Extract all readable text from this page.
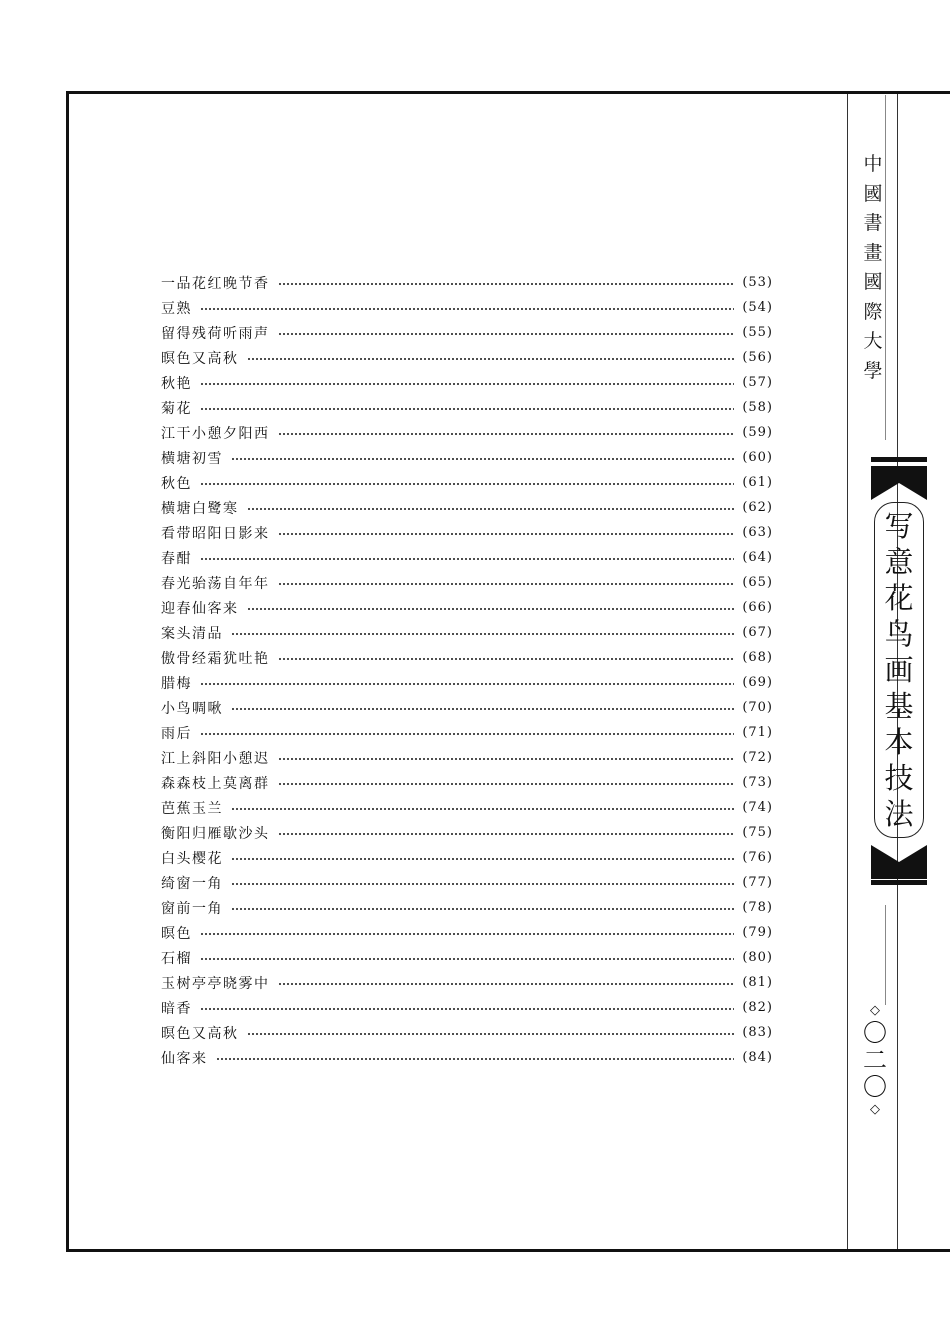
一品花红晚节香	(53)
豆熟	(54)
留得残荷听雨声	(55)
暝色又高秋	(56)
秋艳	(57)
菊花	(58)
江干小憩夕阳西	(59)
横塘初雪	(60)
秋色	(61)
横塘白鹭寒	(62)
看带昭阳日影来	(63)
春酣	(64)
春光骀荡自年年	(65)
迎春仙客来	(66)
案头清品	(67)
傲骨经霜犹吐艳	(68)
腊梅	(69)
小鸟啁啾	(70)
雨后	(71)
江上斜阳小憩迟	(72)
森森枝上莫离群	(73)
芭蕉玉兰	(74)
衡阳归雁歇沙头	(75)
白头樱花	(76)
绮窗一角	(77)
窗前一角	(78)
暝色	(79)
石榴	(80)
玉树亭亭晓雾中	(81)
暗香	(82)
暝色又高秋	(83)
仙客来	(84)
中
國
書
畫
國
際
大
學
写
意
花
鸟
画
基
本
技
法
◇
〇
二
〇
◇
